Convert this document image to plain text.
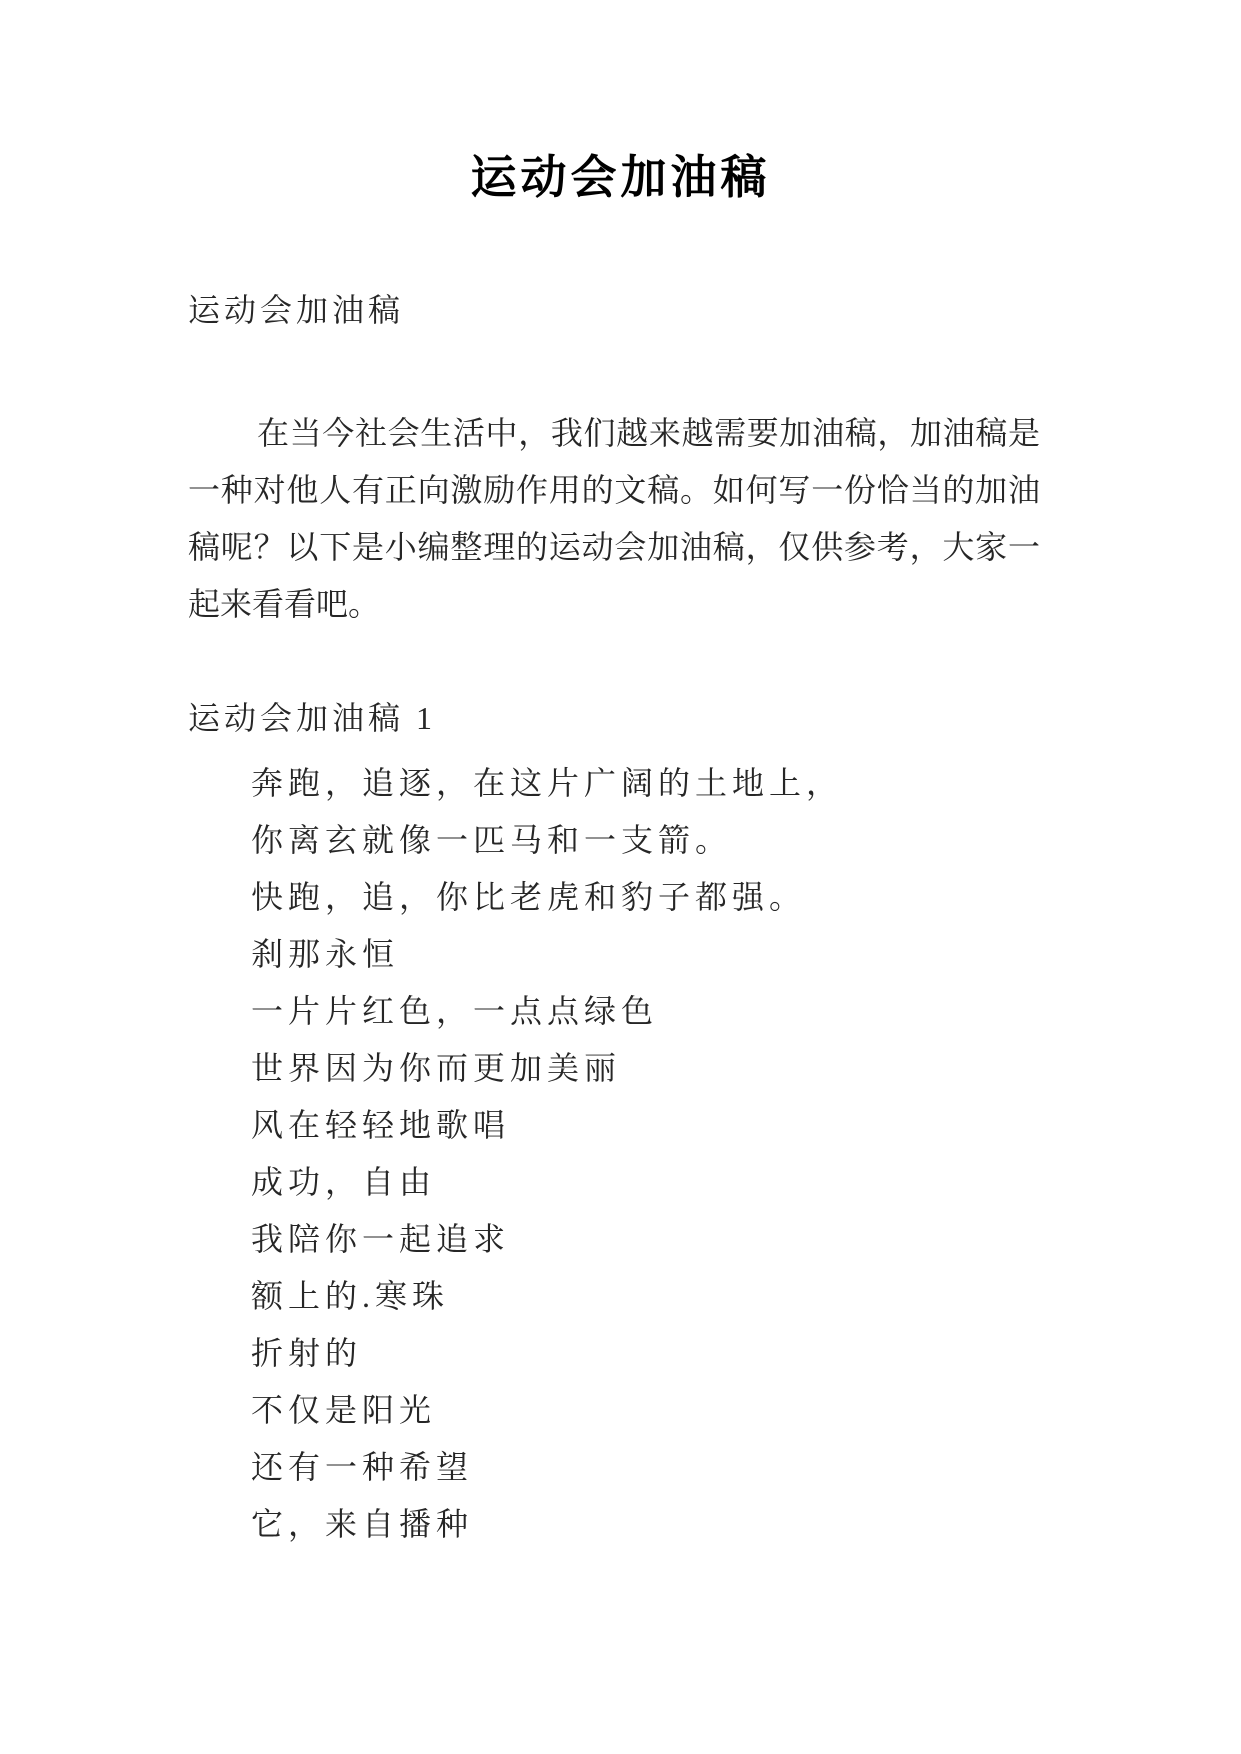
运动会加油稿
运动会加油稿
在当今社会生活中，我们越来越需要加油稿，加油稿是
一种对他人有正向激励作用的文稿。如何写一份恰当的加油
稿呢？以下是小编整理的运动会加油稿，仅供参考，大家一
起来看看吧。
运动会加油稿 1
奔跑，追逐，在这片广阔的土地上，
你离玄就像一匹马和一支箭。
快跑，追，你比老虎和豹子都强。
刹那永恒
一片片红色，一点点绿色
世界因为你而更加美丽
风在轻轻地歌唱
成功，自由
我陪你一起追求
额上的.寒珠
折射的
不仅是阳光
还有一种希望
它，来自播种
